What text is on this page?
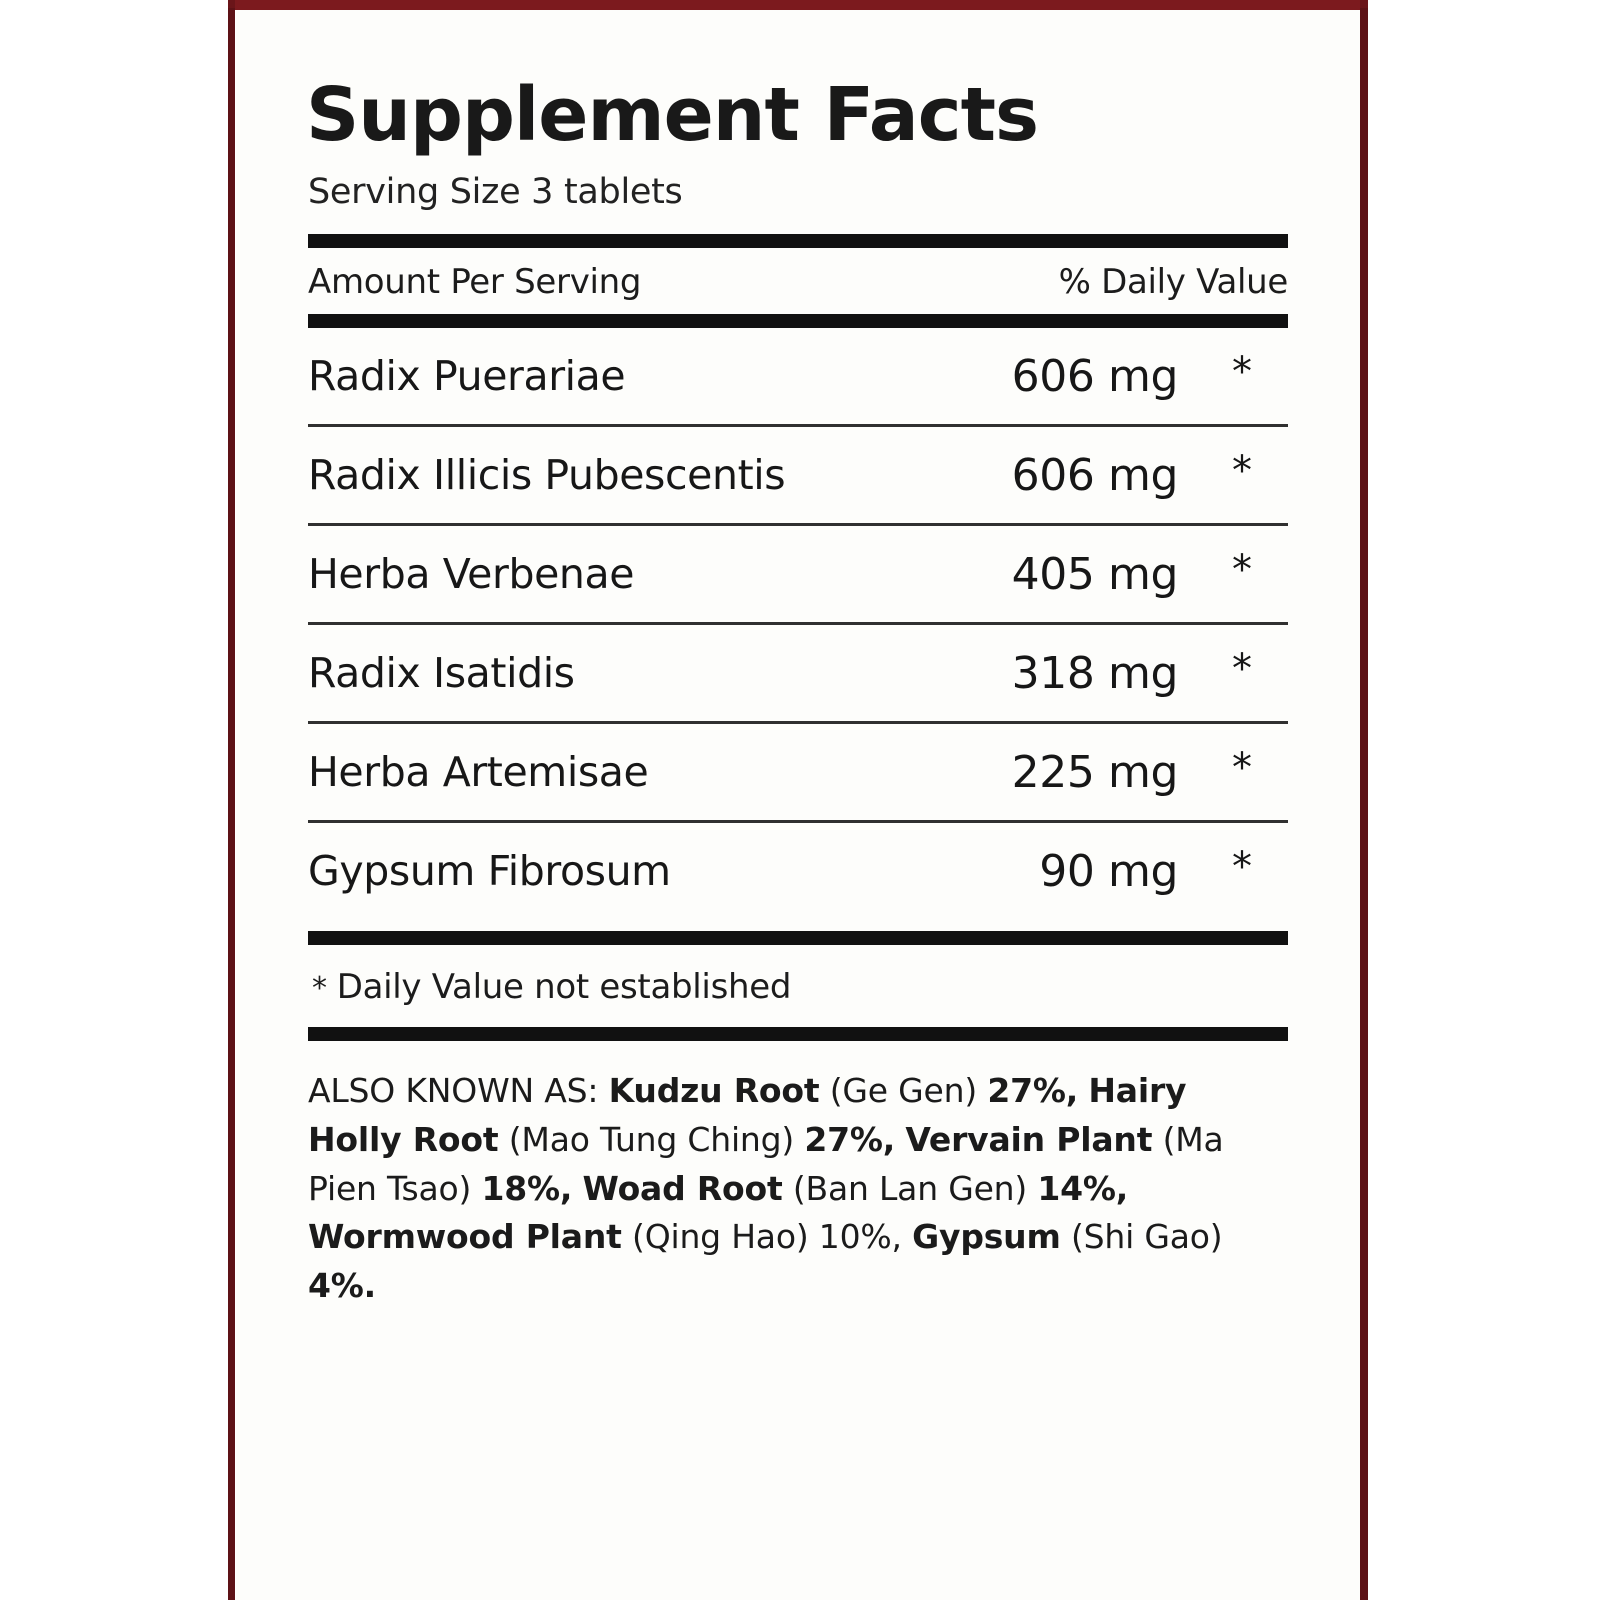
Supplement Facts
Serving Size 3 tablets
Amount Per Serving	% Daily Value
Radix Puerariae	606 mg	*
Radix Illicis Pubescentis	606 mg	*
Herba Verbenae	405 mg	*
Radix Isatidis	318 mg	*
Herba Artemisae	225 mg	*
Gypsum Fibrosum	90 mg	*
* Daily Value not established
ALSO KNOWN AS: Kudzu Root (Ge Gen) 27%, Hairy Holly Root (Mao Tung Ching) 27%, Vervain Plant (Ma Pien Tsao) 18%, Woad Root (Ban Lan Gen) 14%, Wormwood Plant (Qing Hao) 10%, Gypsum (Shi Gao) 4%.
